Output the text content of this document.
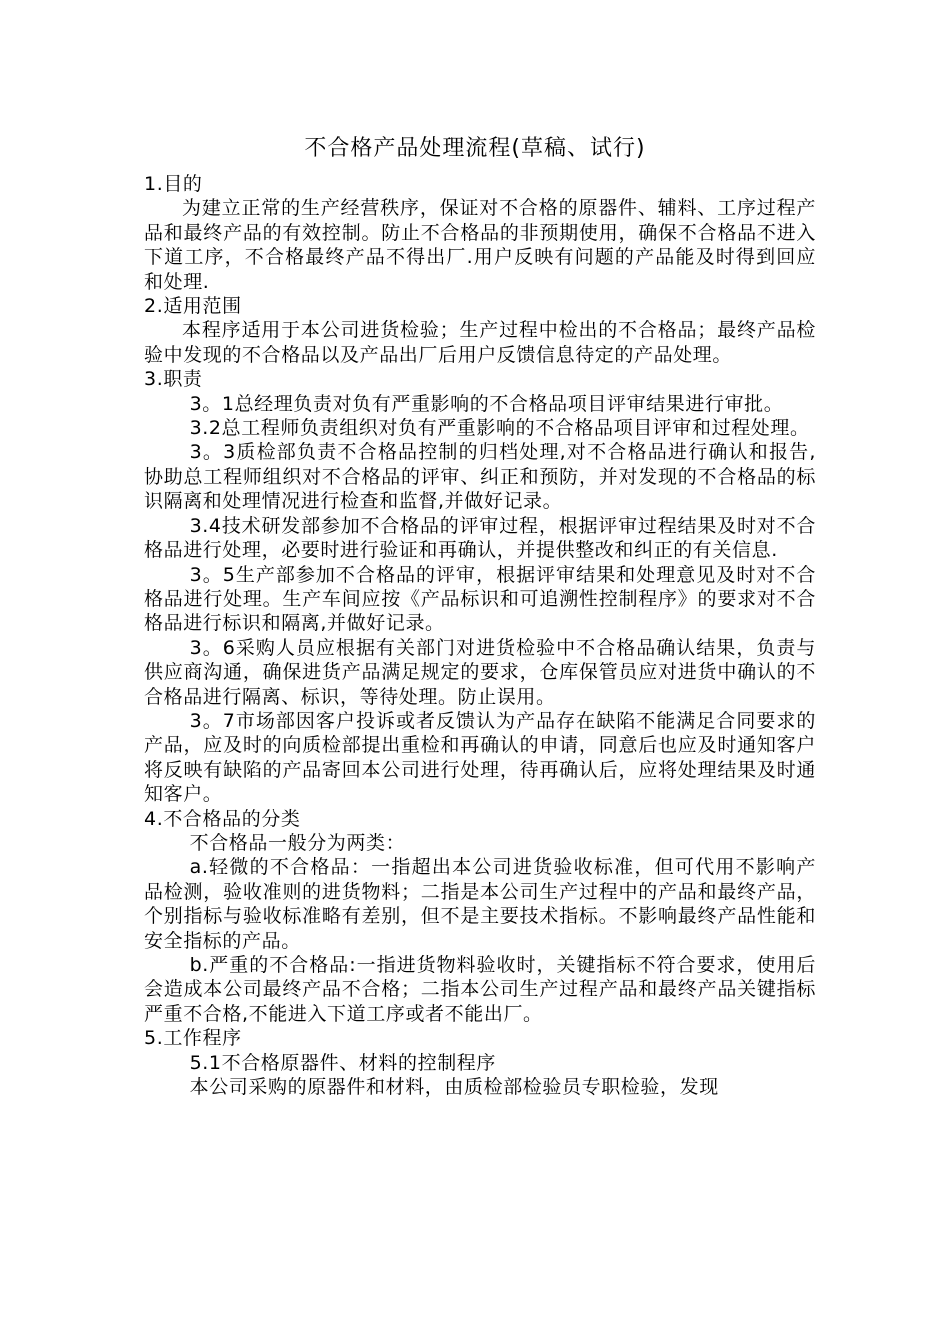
不合格产品处理流程(草稿、试行)

1.目的

为建立正常的生产经营秩序，保证对不合格的原器件、辅料、工序过程产品和最终产品的有效控制。防止不合格品的非预期使用，确保不合格品不进入下道工序，不合格最终产品不得出厂.用户反映有问题的产品能及时得到回应和处理.

2.适用范围

本程序适用于本公司进货检验；生产过程中检出的不合格品；最终产品检验中发现的不合格品以及产品出厂后用户反馈信息待定的产品处理。

3.职责

3。1总经理负责对负有严重影响的不合格品项目评审结果进行审批。

3.2总工程师负责组织对负有严重影响的不合格品项目评审和过程处理。

3。3质检部负责不合格品控制的归档处理,对不合格品进行确认和报告,协助总工程师组织对不合格品的评审、纠正和预防，并对发现的不合格品的标识隔离和处理情况进行检查和监督,并做好记录。

3.4技术研发部参加不合格品的评审过程，根据评审过程结果及时对不合格品进行处理，必要时进行验证和再确认，并提供整改和纠正的有关信息.

3。5生产部参加不合格品的评审，根据评审结果和处理意见及时对不合格品进行处理。生产车间应按《产品标识和可追溯性控制程序》的要求对不合格品进行标识和隔离,并做好记录。

3。6采购人员应根据有关部门对进货检验中不合格品确认结果，负责与供应商沟通，确保进货产品满足规定的要求，仓库保管员应对进货中确认的不合格品进行隔离、标识，等待处理。防止误用。

3。7市场部因客户投诉或者反馈认为产品存在缺陷不能满足合同要求的产品，应及时的向质检部提出重检和再确认的申请，同意后也应及时通知客户将反映有缺陷的产品寄回本公司进行处理，待再确认后，应将处理结果及时通知客户。

4.不合格品的分类

不合格品一般分为两类：

a.轻微的不合格品：一指超出本公司进货验收标准，但可代用不影响产品检测，验收准则的进货物料；二指是本公司生产过程中的产品和最终产品，个别指标与验收标准略有差别，但不是主要技术指标。不影响最终产品性能和安全指标的产品。

b.严重的不合格品:一指进货物料验收时，关键指标不符合要求，使用后会造成本公司最终产品不合格；二指本公司生产过程产品和最终产品关键指标严重不合格,不能进入下道工序或者不能出厂。

5.工作程序

5.1不合格原器件、材料的控制程序

本公司采购的原器件和材料，由质检部检验员专职检验，发现
